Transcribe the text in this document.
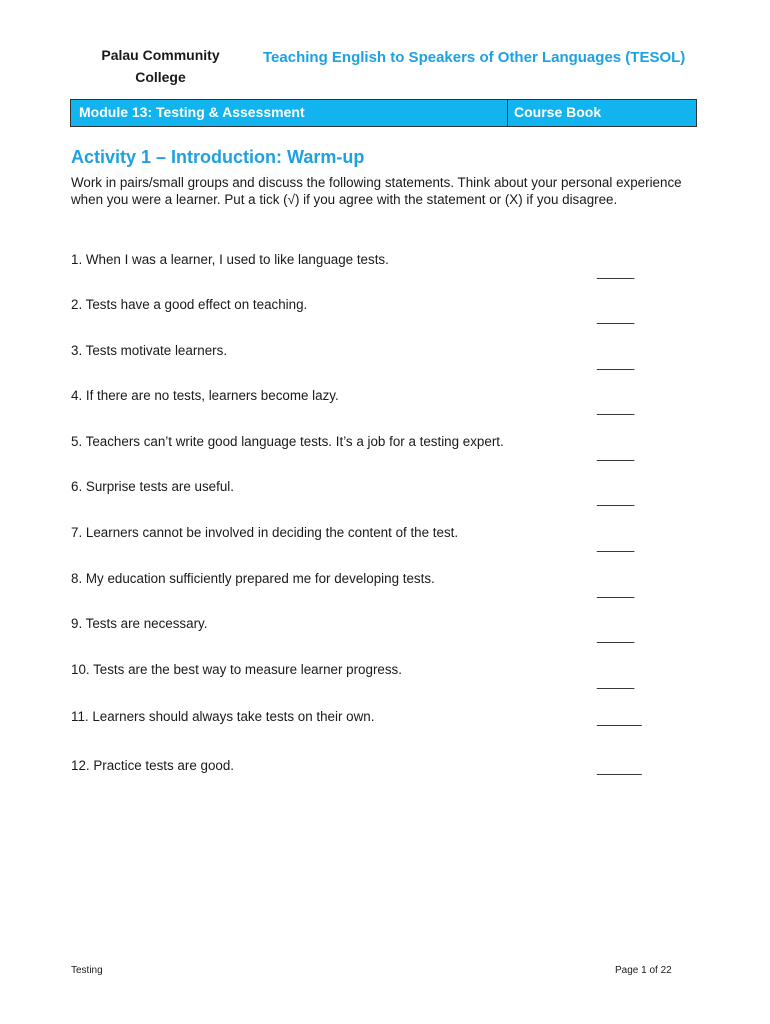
Palau Community
College
Teaching English to Speakers of Other Languages (TESOL)
Module 13: Testing & Assessment	Course Book
Activity 1 – Introduction: Warm-up
Work in pairs/small groups and discuss the following statements. Think about your personal experience
when you were a learner. Put a tick (√) if you agree with the statement or (X) if you disagree.
1. When I was a learner, I used to like language tests.
_____
2. Tests have a good effect on teaching.
_____
3. Tests motivate learners.
_____
4. If there are no tests, learners become lazy.
_____
5. Teachers can’t write good language tests. It’s a job for a testing expert.
_____
6. Surprise tests are useful.
_____
7. Learners cannot be involved in deciding the content of the test.
_____
8. My education sufficiently prepared me for developing tests.
_____
9. Tests are necessary.
_____
10. Tests are the best way to measure learner progress.
_____
11. Learners should always take tests on their own.	______
12. Practice tests are good.	______
Testing	Page 1 of 22
